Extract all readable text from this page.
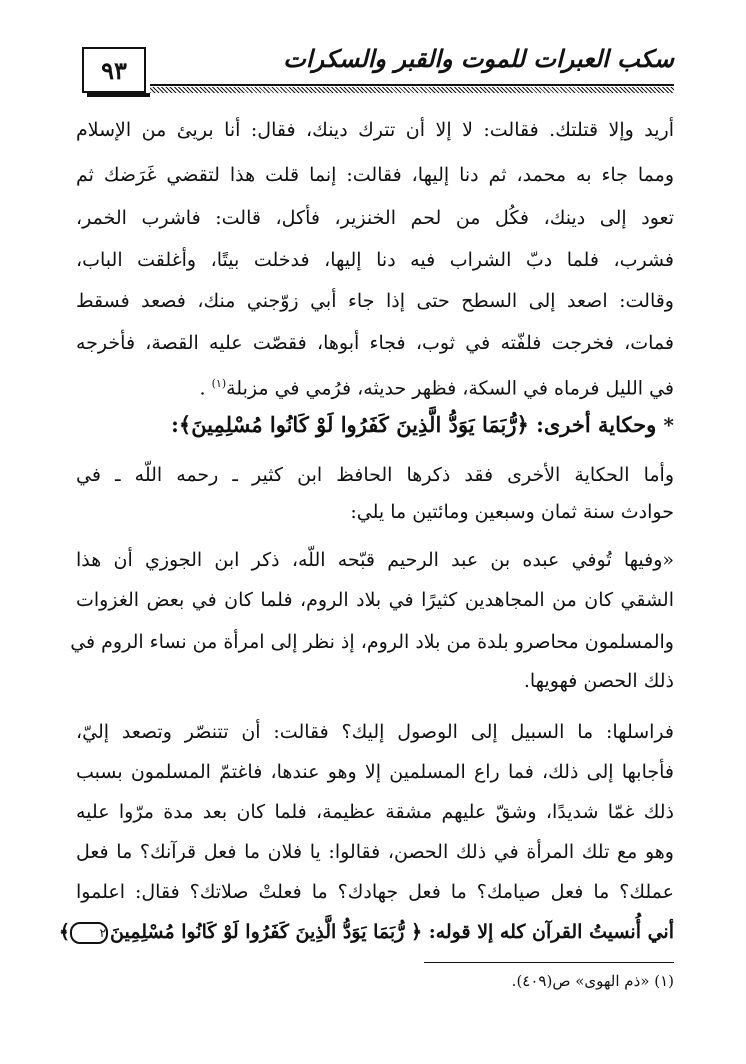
سكب العبرات للموت والقبر والسكرات
٩٣
أريد وإلا قتلتك. فقالت: لا إلا أن تترك دينك، فقال: أنا بريئ من الإسلام
ومما جاء به محمد، ثم دنا إليها، فقالت: إنما قلت هذا لتقضي غَرَضك ثم
تعود إلى دينك، فكُل من لحم الخنزير، فأكل، قالت: فاشرب الخمر،
فشرب، فلما دبّ الشراب فيه دنا إليها، فدخلت بيتًا، وأغلقت الباب،
وقالت: اصعد إلى السطح حتى إذا جاء أبي زوّجني منك، فصعد فسقط
فمات، فخرجت فلفّته في ثوب، فجاء أبوها، فقصّت عليه القصة، فأخرجه
في الليل فرماه في السكة، فظهر حديثه، فرُمي في مزبلة$^{(١)}$ .
* وحكاية أخرى: ﴿رُّبَمَا يَوَدُّ الَّذِينَ كَفَرُوا لَوْ كَانُوا مُسْلِمِينَ﴾:
وأما الحكاية الأخرى فقد ذكرها الحافظ ابن كثير ـ رحمه اللّه ـ في
حوادث سنة ثمان وسبعين ومائتين ما يلي:
«وفيها تُوفي عبده بن عبد الرحيم قبّحه اللّه، ذكر ابن الجوزي أن هذا
الشقي كان من المجاهدين كثيرًا في بلاد الروم، فلما كان في بعض الغزوات
والمسلمون محاصرو بلدة من بلاد الروم، إذ نظر إلى امرأة من نساء الروم في
ذلك الحصن فهويها.
فراسلها: ما السبيل إلى الوصول إليك؟ فقالت: أن تتنصّر وتصعد إليّ،
فأجابها إلى ذلك، فما راع المسلمين إلا وهو عندها، فاغتمّ المسلمون بسبب
ذلك غمّا شديدًا، وشقّ عليهم مشقة عظيمة، فلما كان بعد مدة مرّوا عليه
وهو مع تلك المرأة في ذلك الحصن، فقالوا: يا فلان ما فعل قرآنك؟ ما فعل
عملك؟ ما فعل صيامك؟ ما فعل جهادك؟ ما فعلتْ صلاتك؟ فقال: اعلموا
أني أُنسيتُ القرآن كله إلا قوله: ﴿ رُّبَمَا يَوَدُّ الَّذِينَ كَفَرُوا لَوْ كَانُوا مُسْلِمِينَ٢﴾
(١) «ذم الهوى» ص(٤٠٩).
